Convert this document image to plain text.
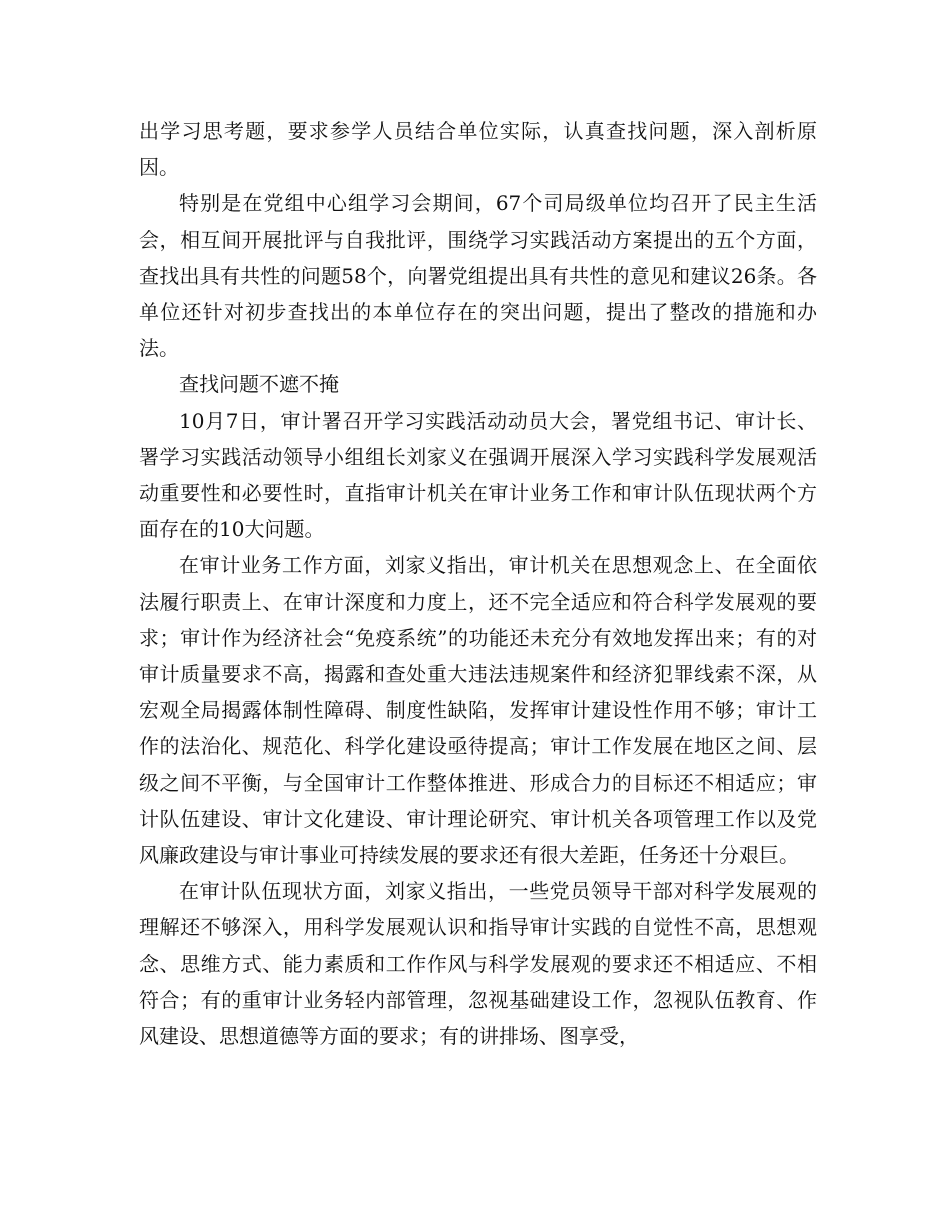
出学习思考题，要求参学人员结合单位实际，认真查找问题，深入剖析原因。

特别是在党组中心组学习会期间，67个司局级单位均召开了民主生活会，相互间开展批评与自我批评，围绕学习实践活动方案提出的五个方面，查找出具有共性的问题58个，向署党组提出具有共性的意见和建议26条。各单位还针对初步查找出的本单位存在的突出问题，提出了整改的措施和办法。

查找问题不遮不掩

10月7日，审计署召开学习实践活动动员大会，署党组书记、审计长、署学习实践活动领导小组组长刘家义在强调开展深入学习实践科学发展观活动重要性和必要性时，直指审计机关在审计业务工作和审计队伍现状两个方面存在的10大问题。

在审计业务工作方面，刘家义指出，审计机关在思想观念上、在全面依法履行职责上、在审计深度和力度上，还不完全适应和符合科学发展观的要求；审计作为经济社会“免疫系统”的功能还未充分有效地发挥出来；有的对审计质量要求不高，揭露和查处重大违法违规案件和经济犯罪线索不深，从宏观全局揭露体制性障碍、制度性缺陷，发挥审计建设性作用不够；审计工作的法治化、规范化、科学化建设亟待提高；审计工作发展在地区之间、层级之间不平衡，与全国审计工作整体推进、形成合力的目标还不相适应；审计队伍建设、审计文化建设、审计理论研究、审计机关各项管理工作以及党风廉政建设与审计事业可持续发展的要求还有很大差距，任务还十分艰巨。

在审计队伍现状方面，刘家义指出，一些党员领导干部对科学发展观的理解还不够深入，用科学发展观认识和指导审计实践的自觉性不高，思想观念、思维方式、能力素质和工作作风与科学发展观的要求还不相适应、不相符合；有的重审计业务轻内部管理，忽视基础建设工作，忽视队伍教育、作风建设、思想道德等方面的要求；有的讲排场、图享受，
